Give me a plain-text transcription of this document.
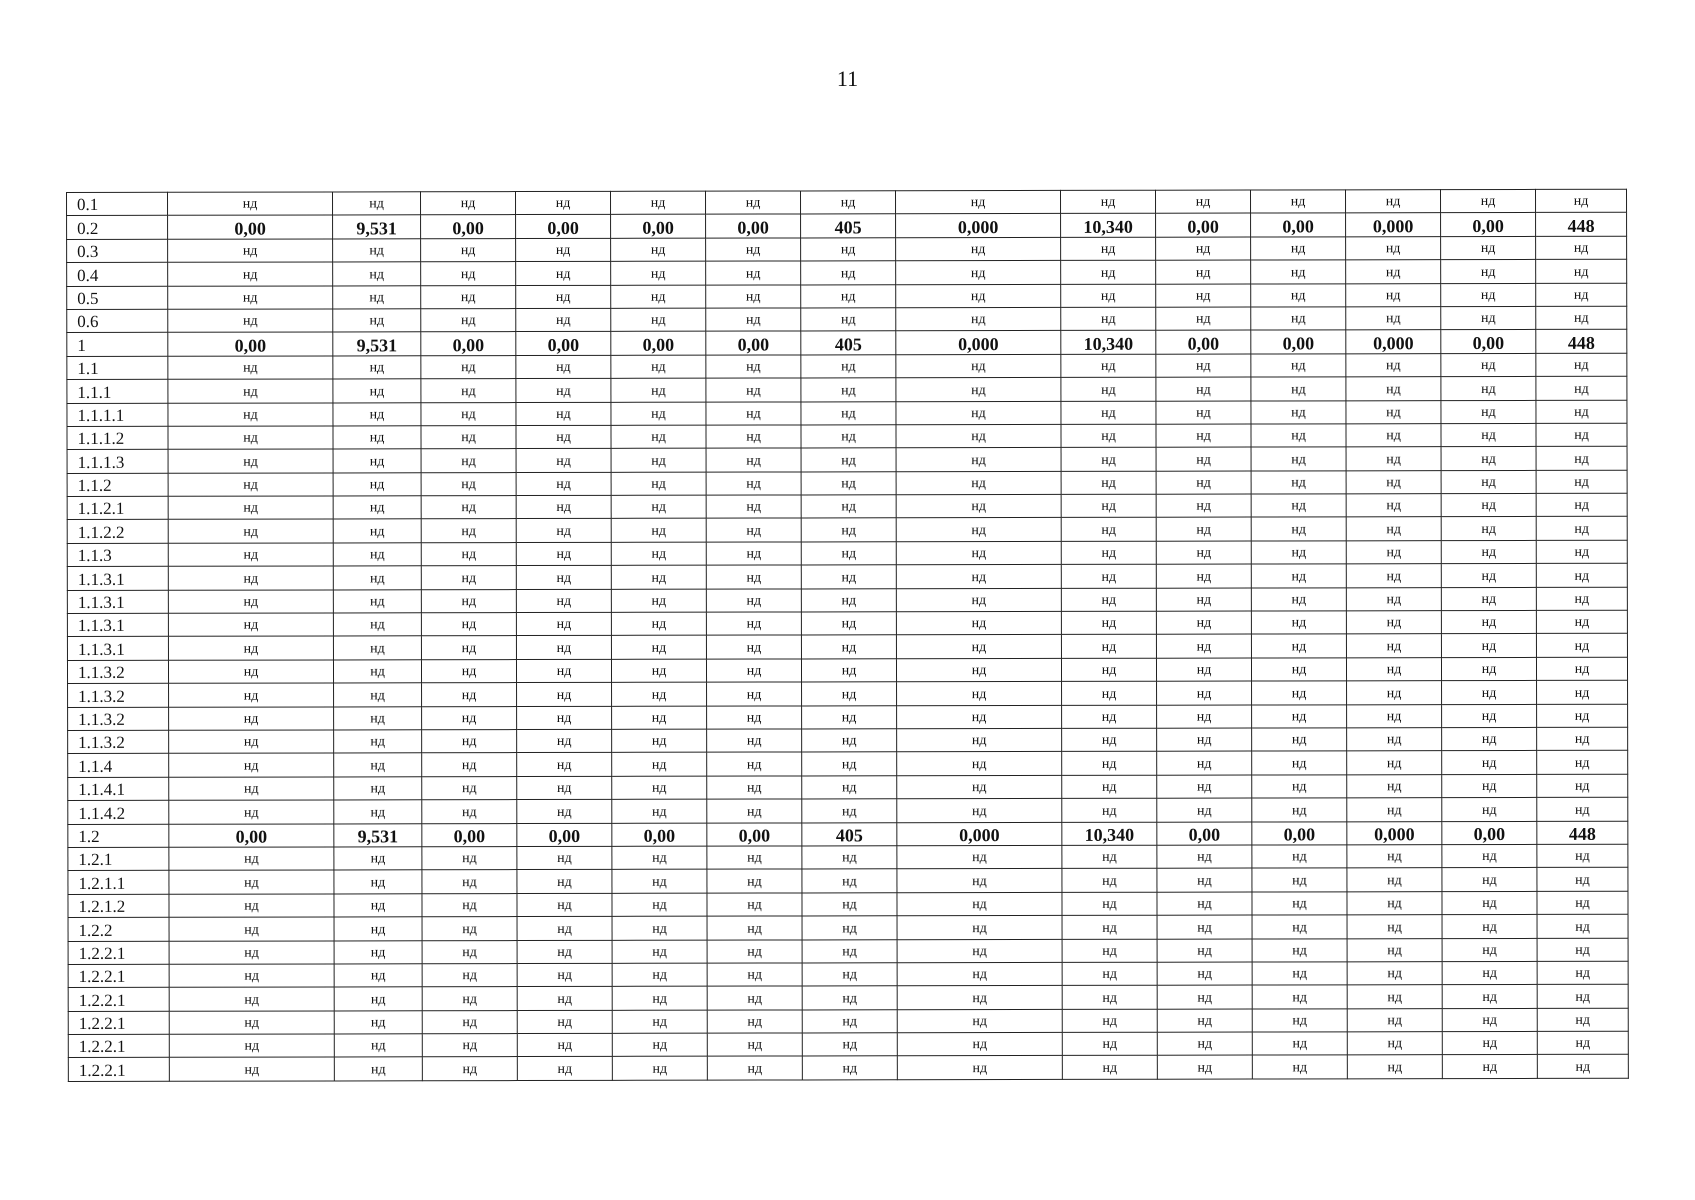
11
0.1	нд	нд	нд	нд	нд	нд	нд	нд	нд	нд	нд	нд	нд	нд
0.2	0,00	9,531	0,00	0,00	0,00	0,00	405	0,000	10,340	0,00	0,00	0,000	0,00	448
0.3	нд	нд	нд	нд	нд	нд	нд	нд	нд	нд	нд	нд	нд	нд
0.4	нд	нд	нд	нд	нд	нд	нд	нд	нд	нд	нд	нд	нд	нд
0.5	нд	нд	нд	нд	нд	нд	нд	нд	нд	нд	нд	нд	нд	нд
0.6	нд	нд	нд	нд	нд	нд	нд	нд	нд	нд	нд	нд	нд	нд
1	0,00	9,531	0,00	0,00	0,00	0,00	405	0,000	10,340	0,00	0,00	0,000	0,00	448
1.1	нд	нд	нд	нд	нд	нд	нд	нд	нд	нд	нд	нд	нд	нд
1.1.1	нд	нд	нд	нд	нд	нд	нд	нд	нд	нд	нд	нд	нд	нд
1.1.1.1	нд	нд	нд	нд	нд	нд	нд	нд	нд	нд	нд	нд	нд	нд
1.1.1.2	нд	нд	нд	нд	нд	нд	нд	нд	нд	нд	нд	нд	нд	нд
1.1.1.3	нд	нд	нд	нд	нд	нд	нд	нд	нд	нд	нд	нд	нд	нд
1.1.2	нд	нд	нд	нд	нд	нд	нд	нд	нд	нд	нд	нд	нд	нд
1.1.2.1	нд	нд	нд	нд	нд	нд	нд	нд	нд	нд	нд	нд	нд	нд
1.1.2.2	нд	нд	нд	нд	нд	нд	нд	нд	нд	нд	нд	нд	нд	нд
1.1.3	нд	нд	нд	нд	нд	нд	нд	нд	нд	нд	нд	нд	нд	нд
1.1.3.1	нд	нд	нд	нд	нд	нд	нд	нд	нд	нд	нд	нд	нд	нд
1.1.3.1	нд	нд	нд	нд	нд	нд	нд	нд	нд	нд	нд	нд	нд	нд
1.1.3.1	нд	нд	нд	нд	нд	нд	нд	нд	нд	нд	нд	нд	нд	нд
1.1.3.1	нд	нд	нд	нд	нд	нд	нд	нд	нд	нд	нд	нд	нд	нд
1.1.3.2	нд	нд	нд	нд	нд	нд	нд	нд	нд	нд	нд	нд	нд	нд
1.1.3.2	нд	нд	нд	нд	нд	нд	нд	нд	нд	нд	нд	нд	нд	нд
1.1.3.2	нд	нд	нд	нд	нд	нд	нд	нд	нд	нд	нд	нд	нд	нд
1.1.3.2	нд	нд	нд	нд	нд	нд	нд	нд	нд	нд	нд	нд	нд	нд
1.1.4	нд	нд	нд	нд	нд	нд	нд	нд	нд	нд	нд	нд	нд	нд
1.1.4.1	нд	нд	нд	нд	нд	нд	нд	нд	нд	нд	нд	нд	нд	нд
1.1.4.2	нд	нд	нд	нд	нд	нд	нд	нд	нд	нд	нд	нд	нд	нд
1.2	0,00	9,531	0,00	0,00	0,00	0,00	405	0,000	10,340	0,00	0,00	0,000	0,00	448
1.2.1	нд	нд	нд	нд	нд	нд	нд	нд	нд	нд	нд	нд	нд	нд
1.2.1.1	нд	нд	нд	нд	нд	нд	нд	нд	нд	нд	нд	нд	нд	нд
1.2.1.2	нд	нд	нд	нд	нд	нд	нд	нд	нд	нд	нд	нд	нд	нд
1.2.2	нд	нд	нд	нд	нд	нд	нд	нд	нд	нд	нд	нд	нд	нд
1.2.2.1	нд	нд	нд	нд	нд	нд	нд	нд	нд	нд	нд	нд	нд	нд
1.2.2.1	нд	нд	нд	нд	нд	нд	нд	нд	нд	нд	нд	нд	нд	нд
1.2.2.1	нд	нд	нд	нд	нд	нд	нд	нд	нд	нд	нд	нд	нд	нд
1.2.2.1	нд	нд	нд	нд	нд	нд	нд	нд	нд	нд	нд	нд	нд	нд
1.2.2.1	нд	нд	нд	нд	нд	нд	нд	нд	нд	нд	нд	нд	нд	нд
1.2.2.1	нд	нд	нд	нд	нд	нд	нд	нд	нд	нд	нд	нд	нд	нд
